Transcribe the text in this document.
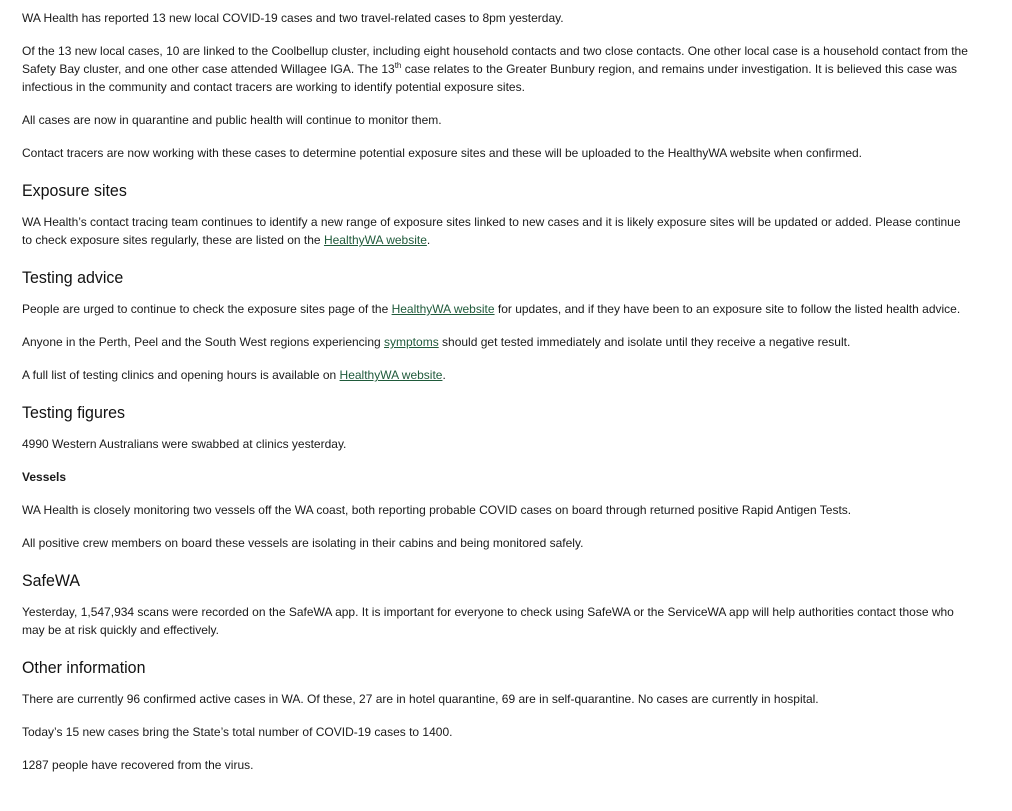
WA Health has reported 13 new local COVID-19 cases and two travel-related cases to 8pm yesterday.

Of the 13 new local cases, 10 are linked to the Coolbellup cluster, including eight household contacts and two close contacts. One other local case is a household contact from the Safety Bay cluster, and one other case attended Willagee IGA. The 13th case relates to the Greater Bunbury region, and remains under investigation. It is believed this case was infectious in the community and contact tracers are working to identify potential exposure sites.

All cases are now in quarantine and public health will continue to monitor them.

Contact tracers are now working with these cases to determine potential exposure sites and these will be uploaded to the HealthyWA website when confirmed.

Exposure sites

WA Health’s contact tracing team continues to identify a new range of exposure sites linked to new cases and it is likely exposure sites will be updated or added. Please continue to check exposure sites regularly, these are listed on the HealthyWA website.

Testing advice

People are urged to continue to check the exposure sites page of the HealthyWA website for updates, and if they have been to an exposure site to follow the listed health advice.

Anyone in the Perth, Peel and the South West regions experiencing symptoms should get tested immediately and isolate until they receive a negative result.

A full list of testing clinics and opening hours is available on HealthyWA website.

Testing figures

4990 Western Australians were swabbed at clinics yesterday.

Vessels

WA Health is closely monitoring two vessels off the WA coast, both reporting probable COVID cases on board through returned positive Rapid Antigen Tests.

All positive crew members on board these vessels are isolating in their cabins and being monitored safely.

SafeWA

Yesterday, 1,547,934 scans were recorded on the SafeWA app. It is important for everyone to check using SafeWA or the ServiceWA app will help authorities contact those who may be at risk quickly and effectively.

Other information

There are currently 96 confirmed active cases in WA. Of these, 27 are in hotel quarantine, 69 are in self-quarantine. No cases are currently in hospital.

Today’s 15 new cases bring the State’s total number of COVID-19 cases to 1400.

1287 people have recovered from the virus.
